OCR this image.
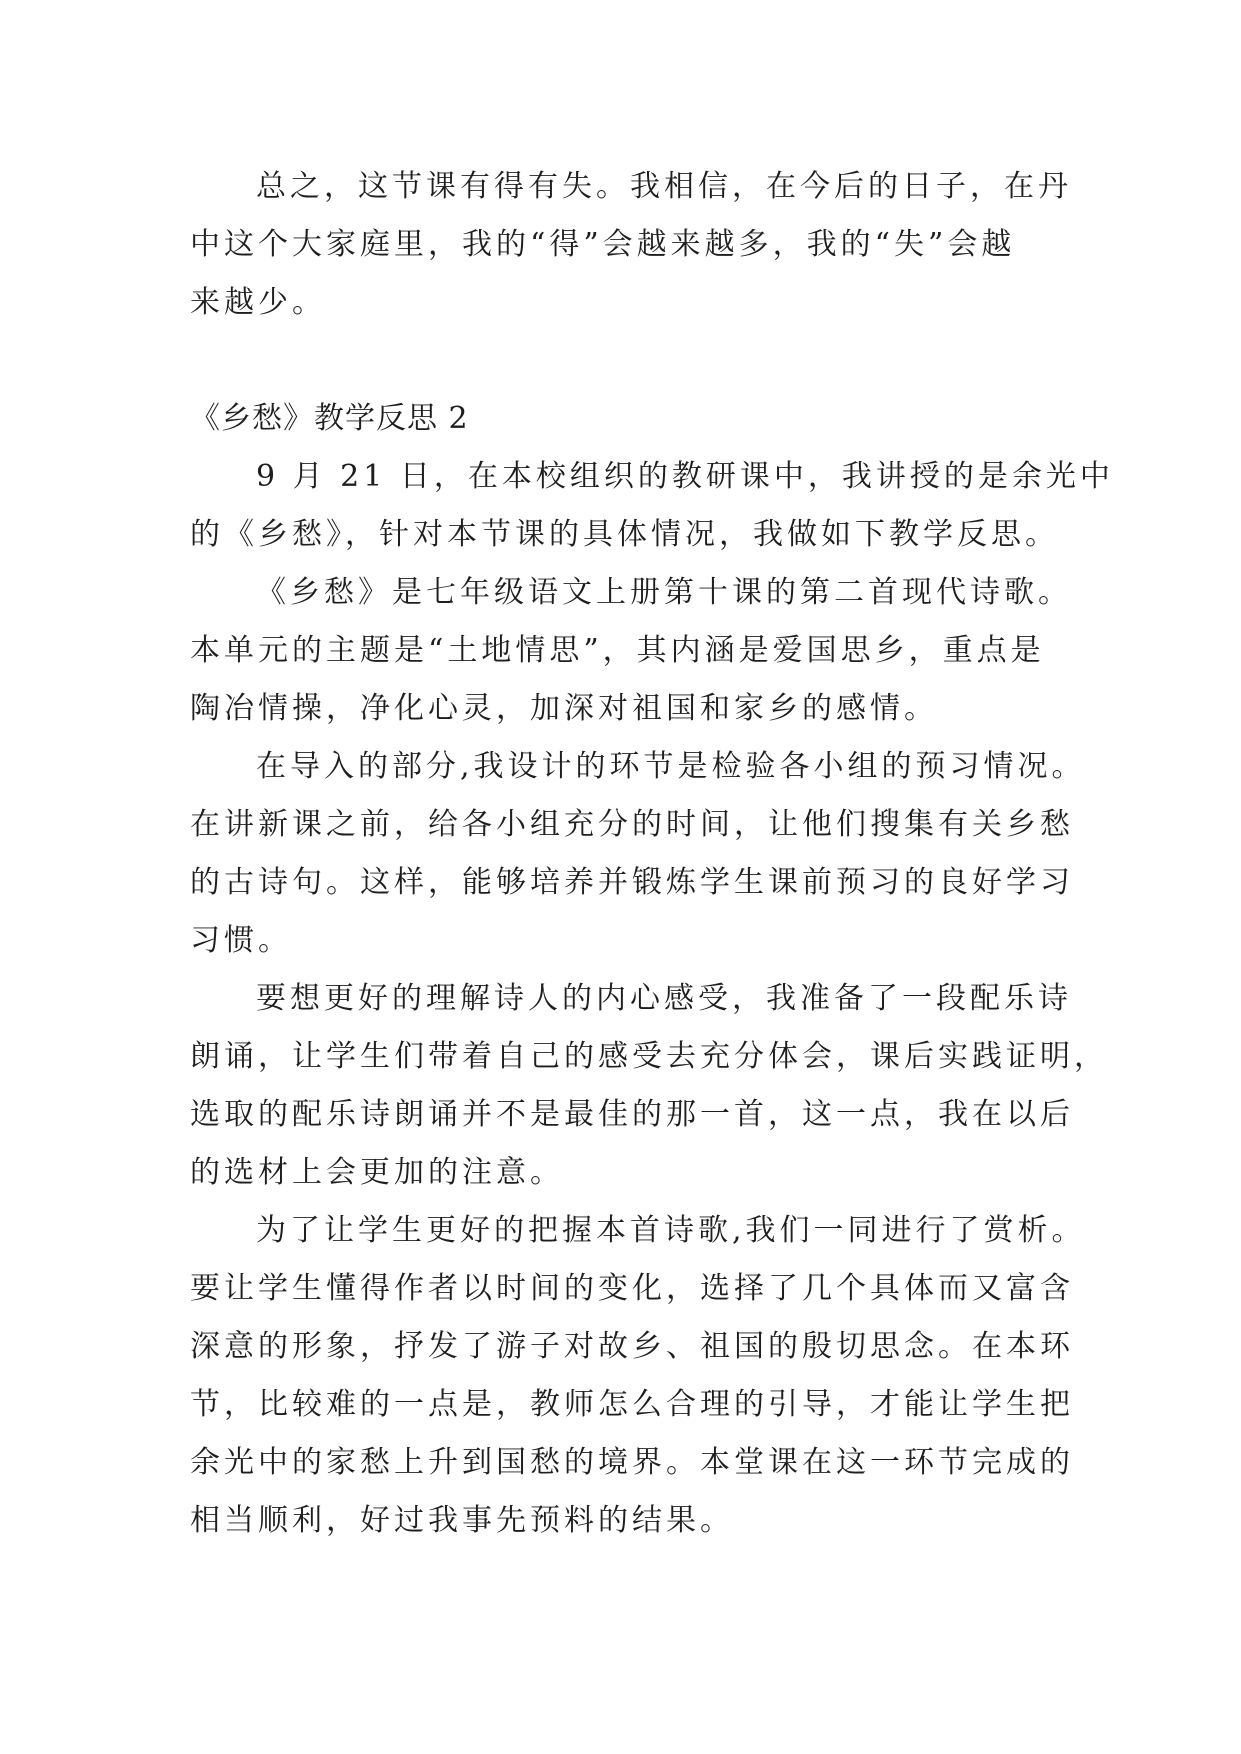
总之，这节课有得有失。我相信，在今后的日子，在丹
中这个大家庭里，我的“得”会越来越多，我的“失”会越
来越少。
《乡愁》教学反思 2
9 月 21 日，在本校组织的教研课中，我讲授的是余光中
的《乡愁》，针对本节课的具体情况，我做如下教学反思。
《乡愁》是七年级语文上册第十课的第二首现代诗歌。
本单元的主题是“土地情思”，其内涵是爱国思乡，重点是
陶冶情操，净化心灵，加深对祖国和家乡的感情。
在导入的部分,我设计的环节是检验各小组的预习情况。
在讲新课之前，给各小组充分的时间，让他们搜集有关乡愁
的古诗句。这样，能够培养并锻炼学生课前预习的良好学习
习惯。
要想更好的理解诗人的内心感受，我准备了一段配乐诗
朗诵，让学生们带着自己的感受去充分体会，课后实践证明，
选取的配乐诗朗诵并不是最佳的那一首，这一点，我在以后
的选材上会更加的注意。
为了让学生更好的把握本首诗歌,我们一同进行了赏析。
要让学生懂得作者以时间的变化，选择了几个具体而又富含
深意的形象，抒发了游子对故乡、祖国的殷切思念。在本环
节，比较难的一点是，教师怎么合理的引导，才能让学生把
余光中的家愁上升到国愁的境界。本堂课在这一环节完成的
相当顺利，好过我事先预料的结果。
